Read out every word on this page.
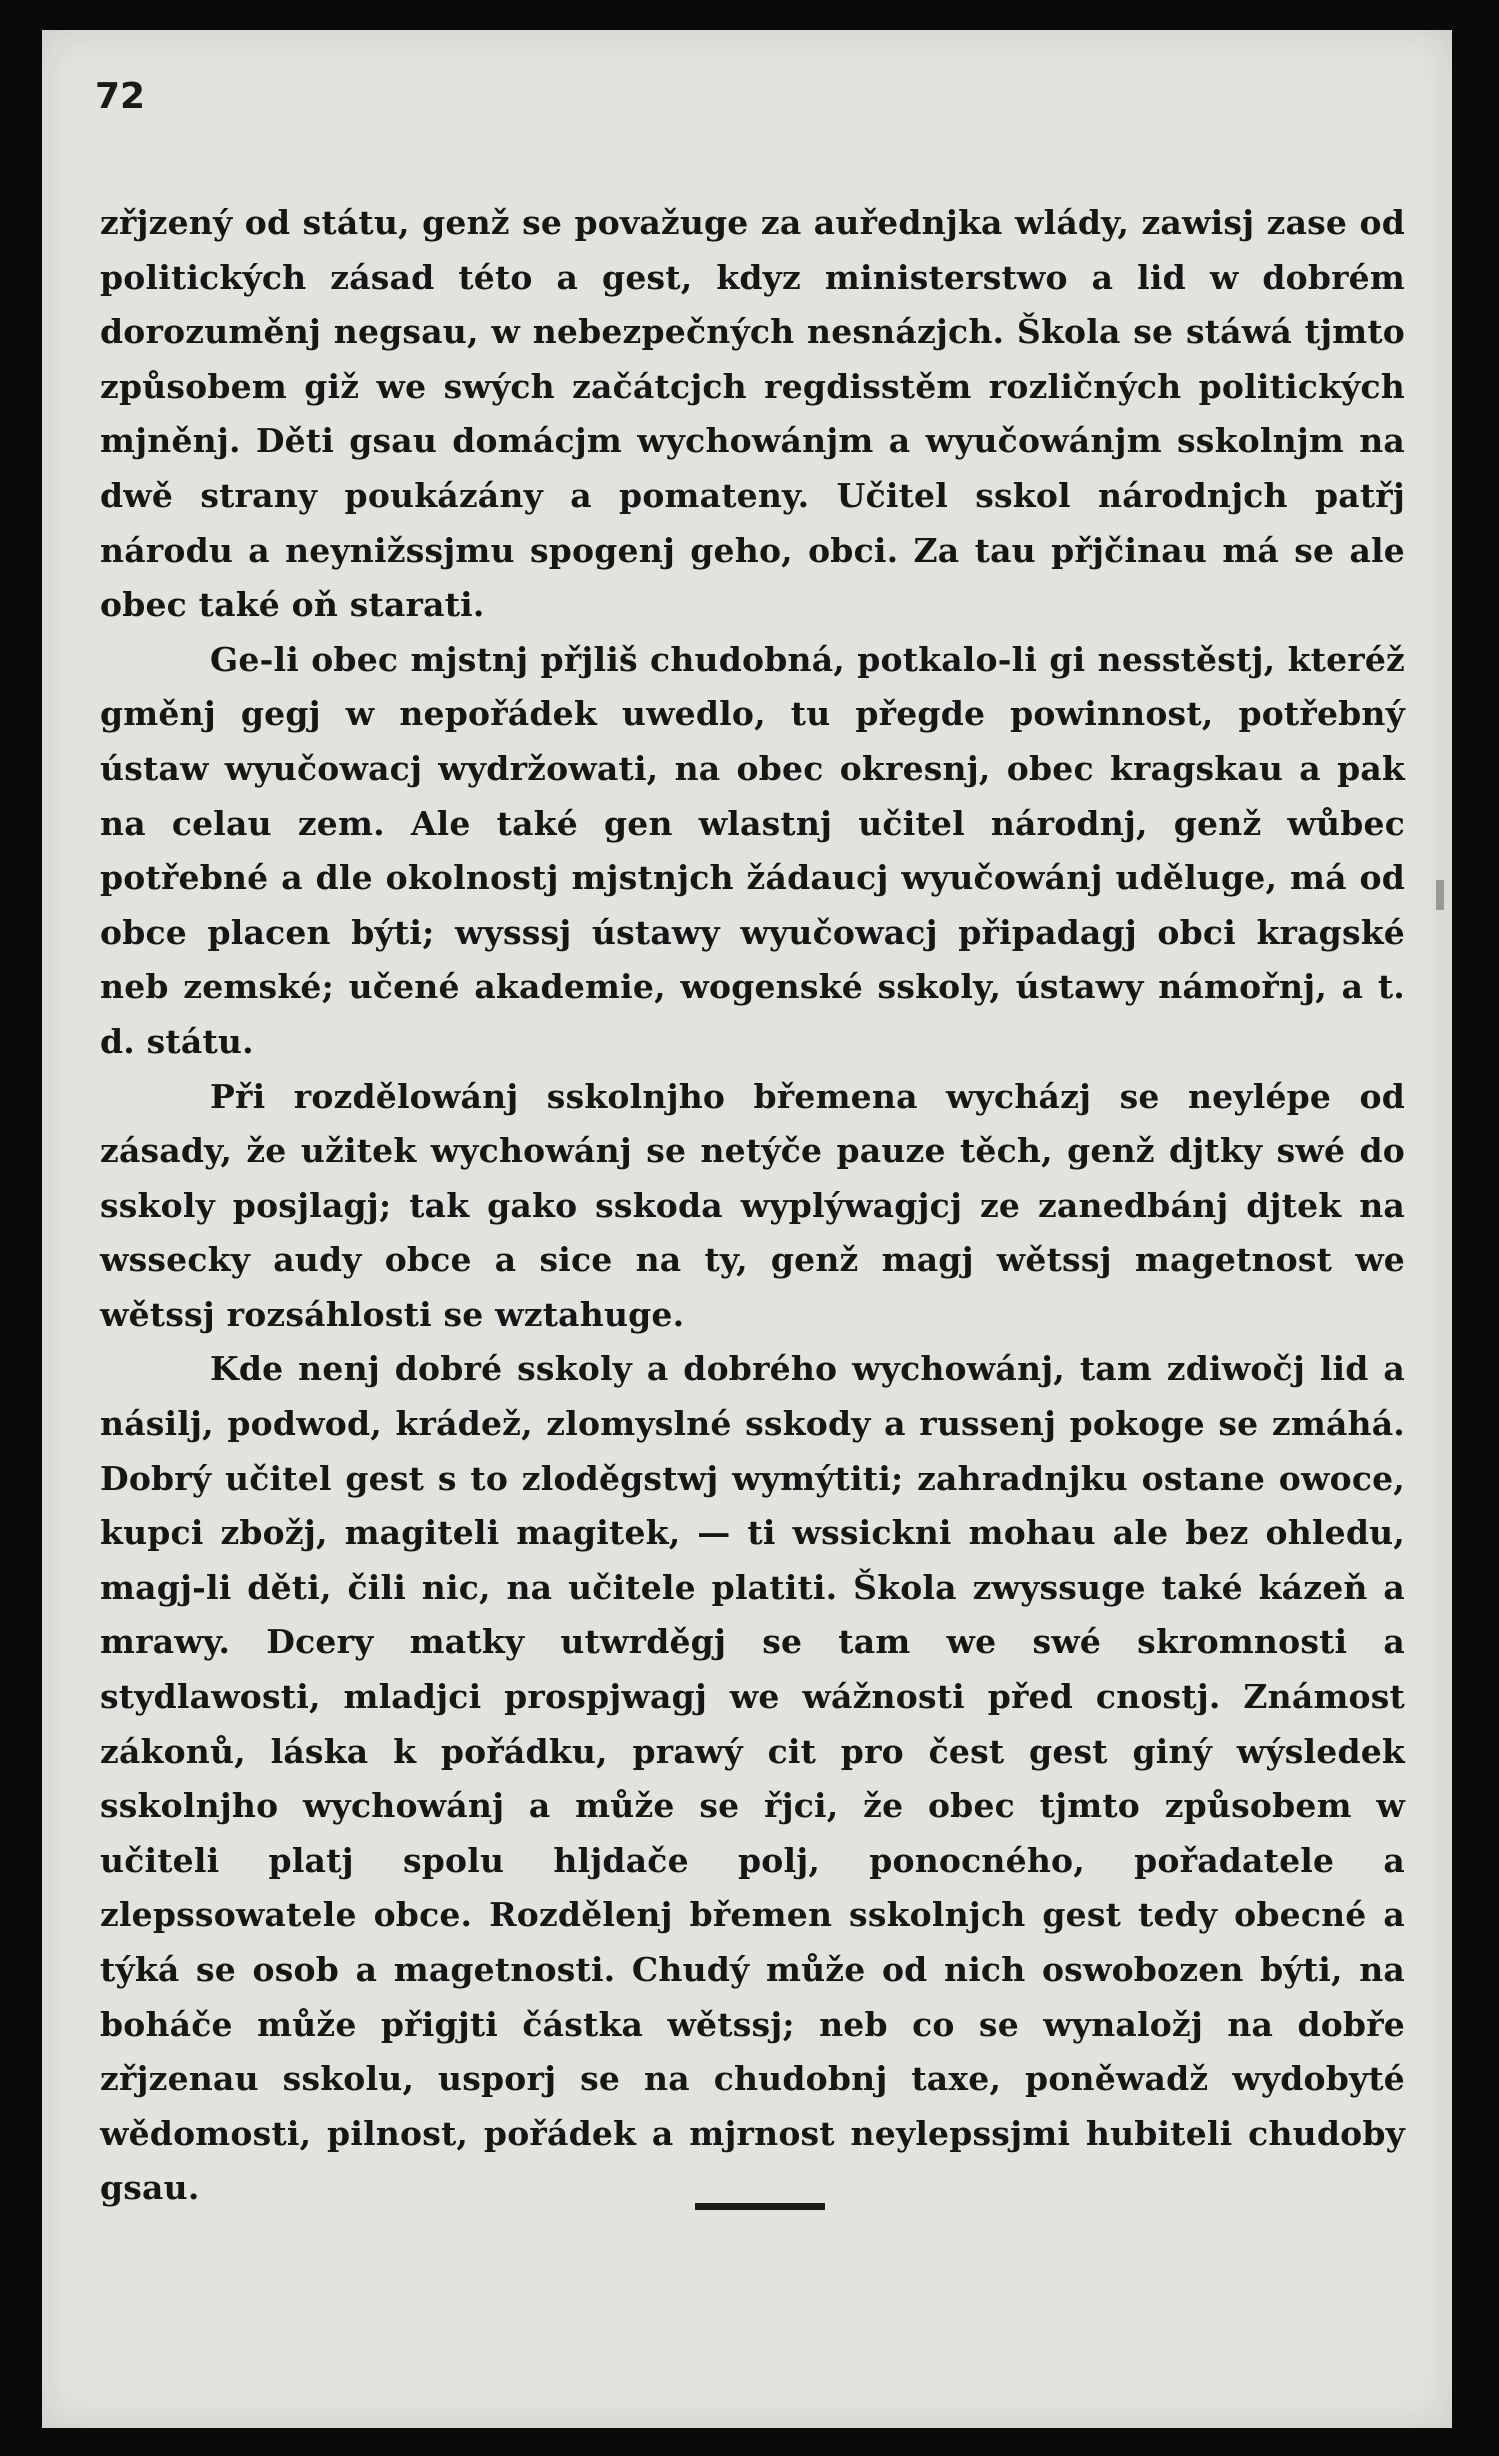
72

zřjzený od státu, genž se považuge za auřednjka wlády, zawisj zase od politických zásad této a gest, kdyz ministerstwo a lid w dobrém dorozuměnj negsau, w nebezpečných nesnázjch. Škola se stáwá tjmto způsobem giž we swých začátcjch regdisstěm rozličných politických mjněnj. Děti gsau domácjm wychowánjm a wyučowánjm sskolnjm na dwě strany poukázány a pomateny. Učitel sskol národnjch patřj národu a neynižssjmu spogenj geho, obci. Za tau přjčinau má se ale obec také oň starati.

Ge-li obec mjstnj přjliš chudobná, potkalo-li gi nesstěstj, kteréž gměnj gegj w nepořádek uwedlo, tu přegde powinnost, potřebný ústaw wyučowacj wydržowati, na obec okresnj, obec kragskau a pak na celau zem. Ale také gen wlastnj učitel národnj, genž wůbec potřebné a dle okolnostj mjstnjch žádaucj wyučowánj uděluge, má od obce placen býti; wysssj ústawy wyučowacj připadagj obci kragské neb zemské; učené akademie, wogenské sskoly, ústawy námořnj, a t. d. státu.

Při rozdělowánj sskolnjho břemena wycházj se neylépe od zásady, že užitek wychowánj se netýče pauze těch, genž djtky swé do sskoly posjlagj; tak gako sskoda wyplýwagjcj ze zanedbánj djtek na wssecky audy obce a sice na ty, genž magj wětssj magetnost we wětssj rozsáhlosti se wztahuge.

Kde nenj dobré sskoly a dobrého wychowánj, tam zdiwočj lid a násilj, podwod, krádež, zlomyslné sskody a russenj pokoge se zmáhá. Dobrý učitel gest s to zloděgstwj wymýtiti; zahradnjku ostane owoce, kupci zbožj, magiteli magitek, — ti wssickni mohau ale bez ohledu, magj-li děti, čili nic, na učitele platiti. Škola zwyssuge také kázeň a mrawy. Dcery matky utwrděgj se tam we swé skromnosti a stydlawosti, mladjci prospjwagj we wážnosti před cnostj. Známost zákonů, láska k pořádku, prawý cit pro čest gest giný wýsledek sskolnjho wychowánj a může se řjci, že obec tjmto způsobem w učiteli platj spolu hljdače polj, ponocného, pořadatele a zlepssowatele obce. Rozdělenj břemen sskolnjch gest tedy obecné a týká se osob a magetnosti. Chudý může od nich oswobozen býti, na boháče může přigjti částka wětssj; neb co se wynaložj na dobře zřjzenau sskolu, usporj se na chudobnj taxe, poněwadž wydobyté wědomosti, pilnost, pořádek a mjrnost neylepssjmi hubiteli chudoby gsau.
